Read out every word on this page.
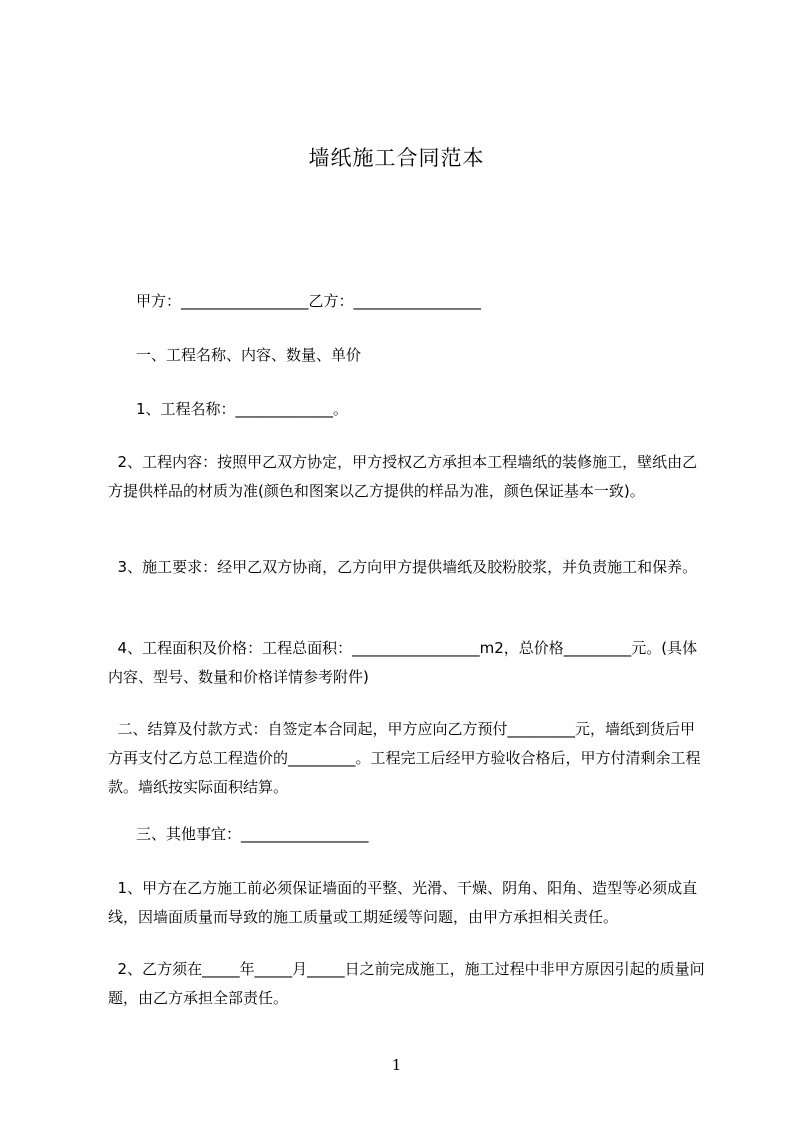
墙纸施工合同范本
甲方：_________________乙方：_________________
一、工程名称、内容、数量、单价
1、工程名称：_____________。
2、工程内容：按照甲乙双方协定，甲方授权乙方承担本工程墙纸的装修施工，壁纸由乙方提供样品的材质为准(颜色和图案以乙方提供的样品为准，颜色保证基本一致)。
3、施工要求：经甲乙双方协商，乙方向甲方提供墙纸及胶粉胶浆，并负责施工和保养。
4、工程面积及价格：工程总面积：_________________m2，总价格_________元。(具体内容、型号、数量和价格详情参考附件)
二、结算及付款方式：自签定本合同起，甲方应向乙方预付_________元，墙纸到货后甲方再支付乙方总工程造价的_________。工程完工后经甲方验收合格后，甲方付清剩余工程款。墙纸按实际面积结算。
三、其他事宜：_________________
1、甲方在乙方施工前必须保证墙面的平整、光滑、干燥、阴角、阳角、造型等必须成直线，因墙面质量而导致的施工质量或工期延缓等问题，由甲方承担相关责任。
2、乙方须在_____年_____月_____日之前完成施工，施工过程中非甲方原因引起的质量问题，由乙方承担全部责任。
1
